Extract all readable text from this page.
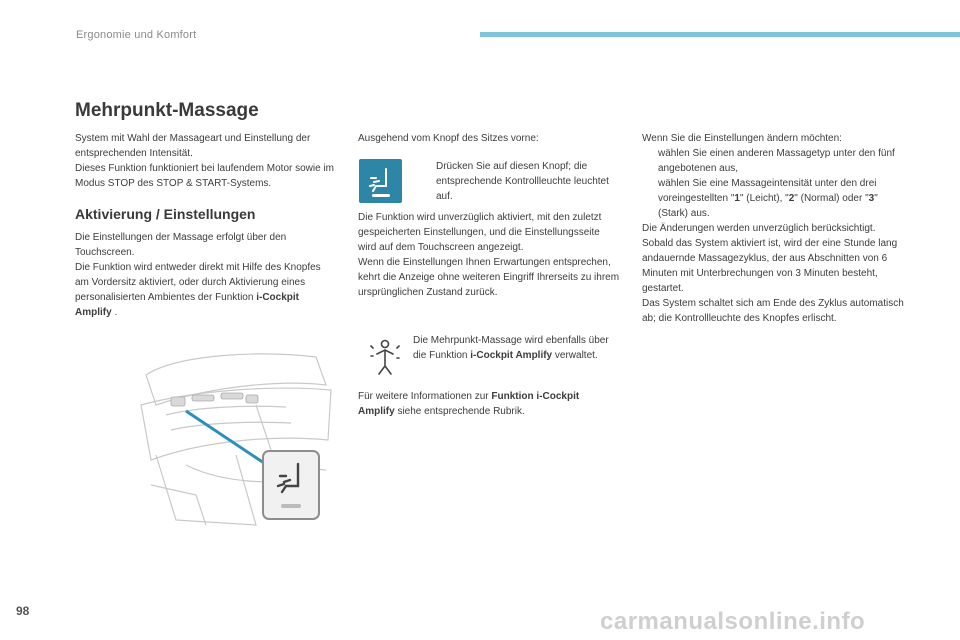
Ergonomie und Komfort
Mehrpunkt-Massage

System mit Wahl der Massageart und Einstellung der entsprechenden Intensität.

Dieses Funktion funktioniert bei laufendem Motor sowie im Modus STOP des STOP & START-Systems.

Aktivierung / Einstellungen

Die Einstellungen der Massage erfolgt über den Touchscreen.

Die Funktion wird entweder direkt mit Hilfe des Knopfes am Vordersitz aktiviert, oder durch Aktivierung eines personalisierten Ambientes der Funktion i-Cockpit Amplify .

Ausgehend vom Knopf des Sitzes vorne:
Drücken Sie auf diesen Knopf; die entsprechende Kontrollleuchte leuchtet auf.

Die Funktion wird unverzüglich aktiviert, mit den zuletzt gespeicherten Einstellungen, und die Einstellungsseite wird auf dem Touchscreen angezeigt.

Wenn die Einstellungen Ihnen Erwartungen entsprechen, kehrt die Anzeige ohne weiteren Eingriff Ihrerseits zu ihrem ursprünglichen Zustand zurück.

Die Mehrpunkt-Massage wird ebenfalls über die Funktion i-Cockpit Amplify verwaltet.
Für weitere Informationen zur Funktion i-Cockpit Amplify siehe entsprechende Rubrik.

Wenn Sie die Einstellungen ändern möchten:

wählen Sie einen anderen Massagetyp unter den fünf angebotenen aus,
wählen Sie eine Massageintensität unter den drei voreingestellten "1" (Leicht), "2" (Normal) oder "3" (Stark) aus.

Die Änderungen werden unverzüglich berücksichtigt.

Sobald das System aktiviert ist, wird der eine Stunde lang andauernde Massagezyklus, der aus Abschnitten von 6 Minuten mit Unterbrechungen von 3 Minuten besteht, gestartet.

Das System schaltet sich am Ende des Zyklus automatisch ab; die Kontrollleuchte des Knopfes erlischt.

98	carmanualsonline.info
